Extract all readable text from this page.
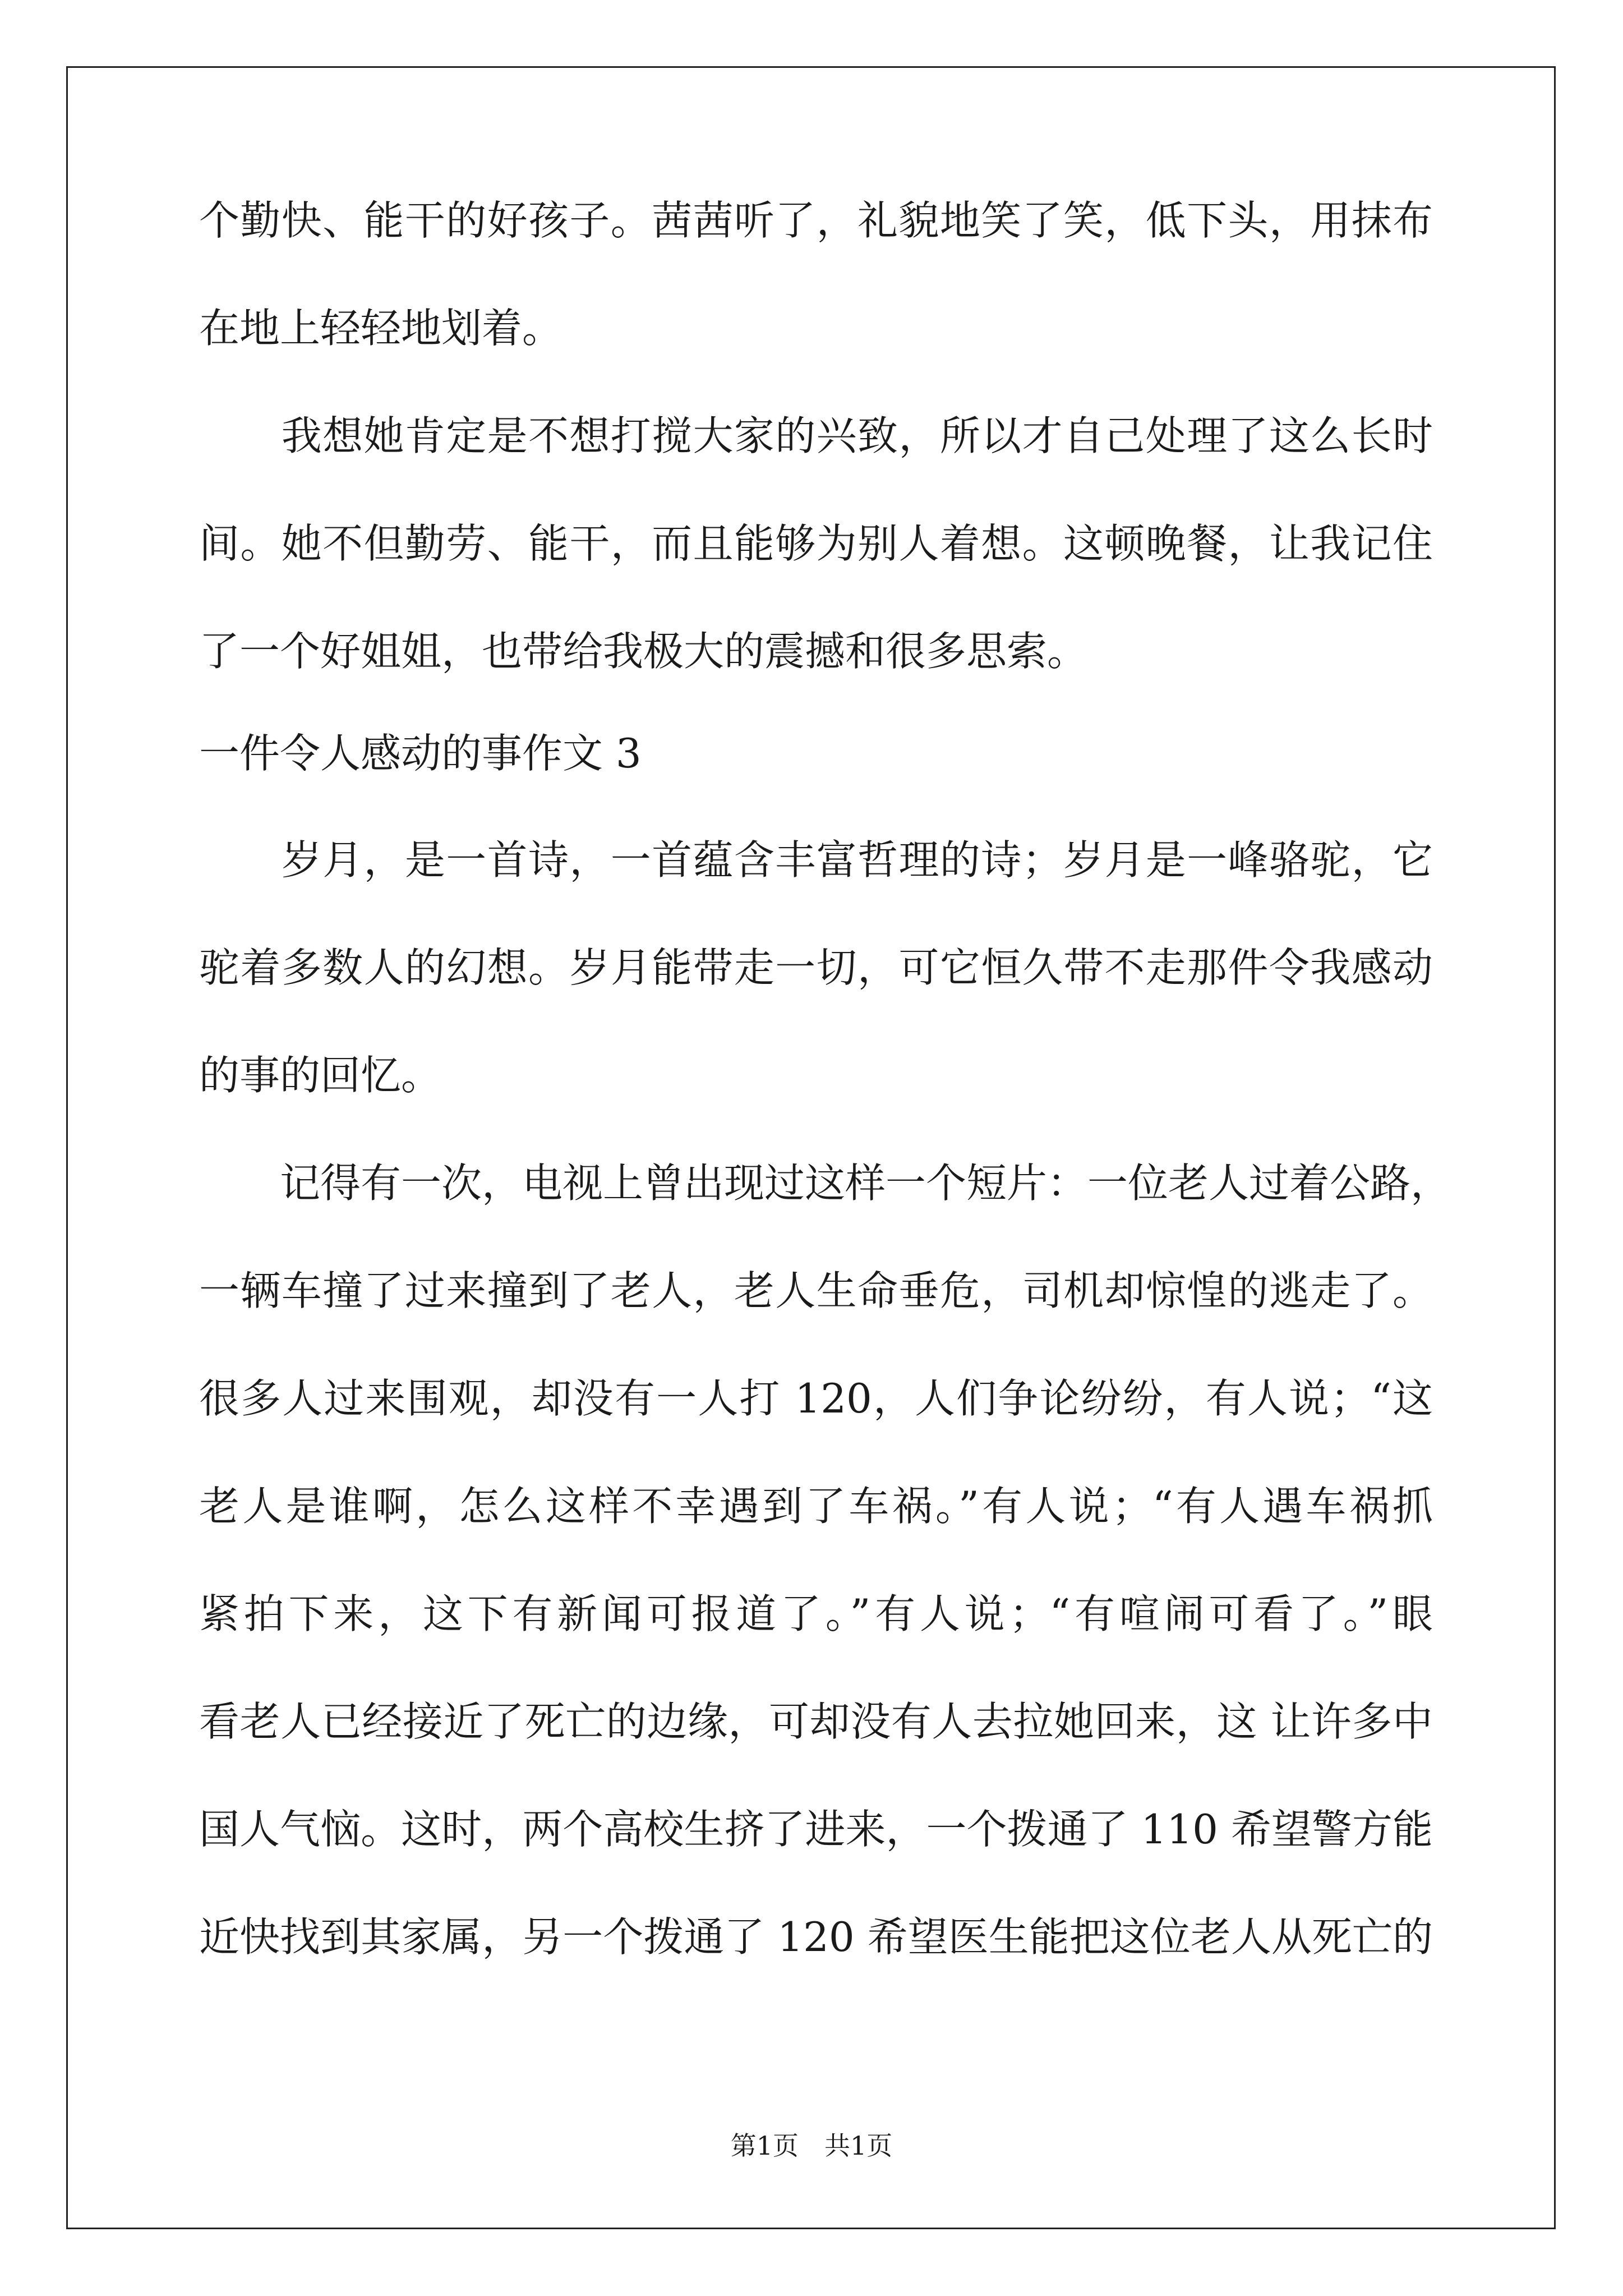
个勤快、能干的好孩子。茜茜听了，礼貌地笑了笑，低下头，用抹布
在地上轻轻地划着。
　　我想她肯定是不想打搅大家的兴致，所以才自己处理了这么长时
间。她不但勤劳、能干，而且能够为别人着想。这顿晚餐，让我记住
了一个好姐姐，也带给我极大的震撼和很多思索。
一件令人感动的事作文 3
　　岁月，是一首诗，一首蕴含丰富哲理的诗；岁月是一峰骆驼，它
驼着多数人的幻想。岁月能带走一切，可它恒久带不走那件令我感动
的事的回忆。
　　记得有一次，电视上曾出现过这样一个短片：一位老人过着公路，
一辆车撞了过来撞到了老人，老人生命垂危，司机却惊惶的逃走了。
很多人过来围观，却没有一人打 120，人们争论纷纷，有人说；“这
老人是谁啊，怎么这样不幸遇到了车祸。”有人说；“有人遇车祸抓
紧拍下来，这下有新闻可报道了。”有人说；“有喧闹可看了。”眼
看老人已经接近了死亡的边缘，可却没有人去拉她回来，这 让许多中
国人气恼。这时，两个高校生挤了进来，一个拨通了 110 希望警方能
近快找到其家属，另一个拨通了 120 希望医生能把这位老人从死亡的
第1页　共1页
